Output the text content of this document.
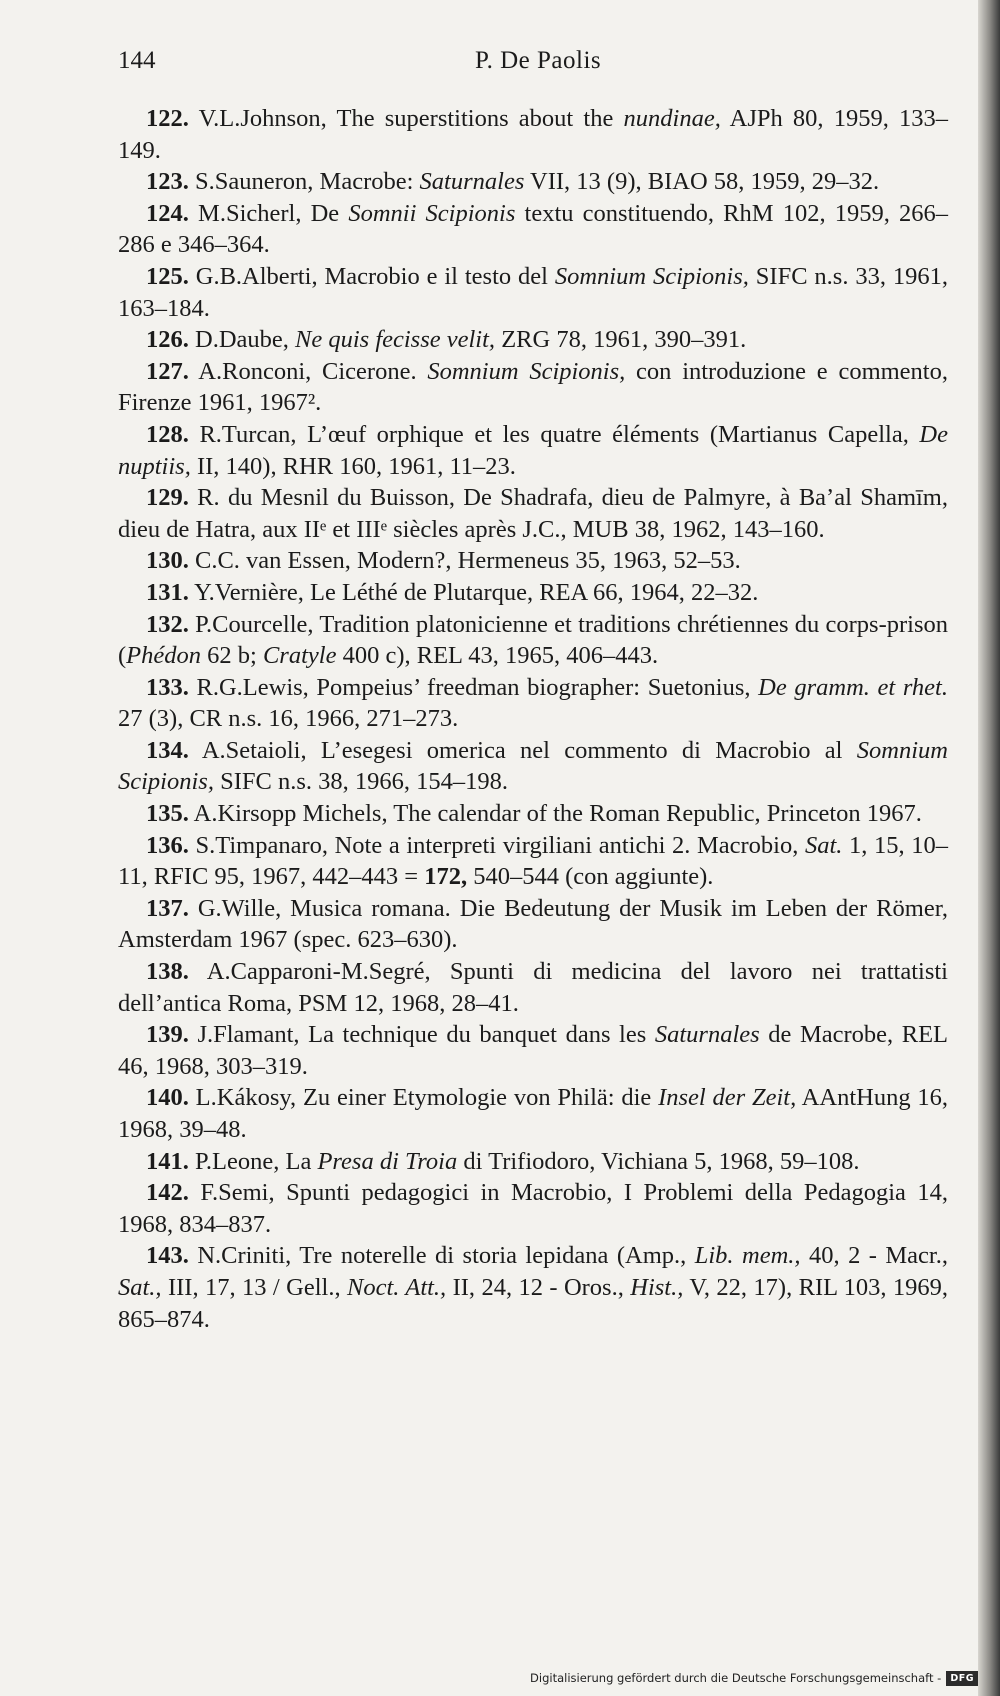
144	P. De Paolis

122. V.L.Johnson, The superstitions about the nundinae, AJPh 80, 1959, 133–149.

123. S.Sauneron, Macrobe: Saturnales VII, 13 (9), BIAO 58, 1959, 29–32.

124. M.Sicherl, De Somnii Scipionis textu constituendo, RhM 102, 1959, 266–286 e 346–364.

125. G.B.Alberti, Macrobio e il testo del Somnium Scipionis, SIFC n.s. 33, 1961, 163–184.

126. D.Daube, Ne quis fecisse velit, ZRG 78, 1961, 390–391.

127. A.Ronconi, Cicerone. Somnium Scipionis, con introduzione e commento, Firenze 1961, 1967².

128. R.Turcan, L’œuf orphique et les quatre éléments (Martianus Capella, De nuptiis, II, 140), RHR 160, 1961, 11–23.

129. R. du Mesnil du Buisson, De Shadrafa, dieu de Palmyre, à Ba’al Shamīm, dieu de Hatra, aux IIᵉ et IIIᵉ siècles après J.C., MUB 38, 1962, 143–160.

130. C.C. van Essen, Modern?, Hermeneus 35, 1963, 52–53.

131. Y.Vernière, Le Léthé de Plutarque, REA 66, 1964, 22–32.

132. P.Courcelle, Tradition platonicienne et traditions chrétiennes du corps-prison (Phédon 62 b; Cratyle 400 c), REL 43, 1965, 406–443.

133. R.G.Lewis, Pompeius’ freedman biographer: Suetonius, De gramm. et rhet. 27 (3), CR n.s. 16, 1966, 271–273.

134. A.Setaioli, L’esegesi omerica nel commento di Macrobio al Somnium Scipionis, SIFC n.s. 38, 1966, 154–198.

135. A.Kirsopp Michels, The calendar of the Roman Republic, Princeton 1967.

136. S.Timpanaro, Note a interpreti virgiliani antichi 2. Macrobio, Sat. 1, 15, 10–11, RFIC 95, 1967, 442–443 = 172, 540–544 (con aggiunte).

137. G.Wille, Musica romana. Die Bedeutung der Musik im Leben der Römer, Amsterdam 1967 (spec. 623–630).

138. A.Capparoni-M.Segré, Spunti di medicina del lavoro nei trattatisti dell’antica Roma, PSM 12, 1968, 28–41.

139. J.Flamant, La technique du banquet dans les Saturnales de Macrobe, REL 46, 1968, 303–319.

140. L.Kákosy, Zu einer Etymologie von Philä: die Insel der Zeit, AAntHung 16, 1968, 39–48.

141. P.Leone, La Presa di Troia di Trifiodoro, Vichiana 5, 1968, 59–108.

142. F.Semi, Spunti pedagogici in Macrobio, I Problemi della Pedagogia 14, 1968, 834–837.

143. N.Criniti, Tre noterelle di storia lepidana (Amp., Lib. mem., 40, 2 - Macr., Sat., III, 17, 13 / Gell., Noct. Att., II, 24, 12 - Oros., Hist., V, 22, 17), RIL 103, 1969, 865–874.

Digitalisierung gefördert durch die Deutsche Forschungsgemeinschaft - DFG
